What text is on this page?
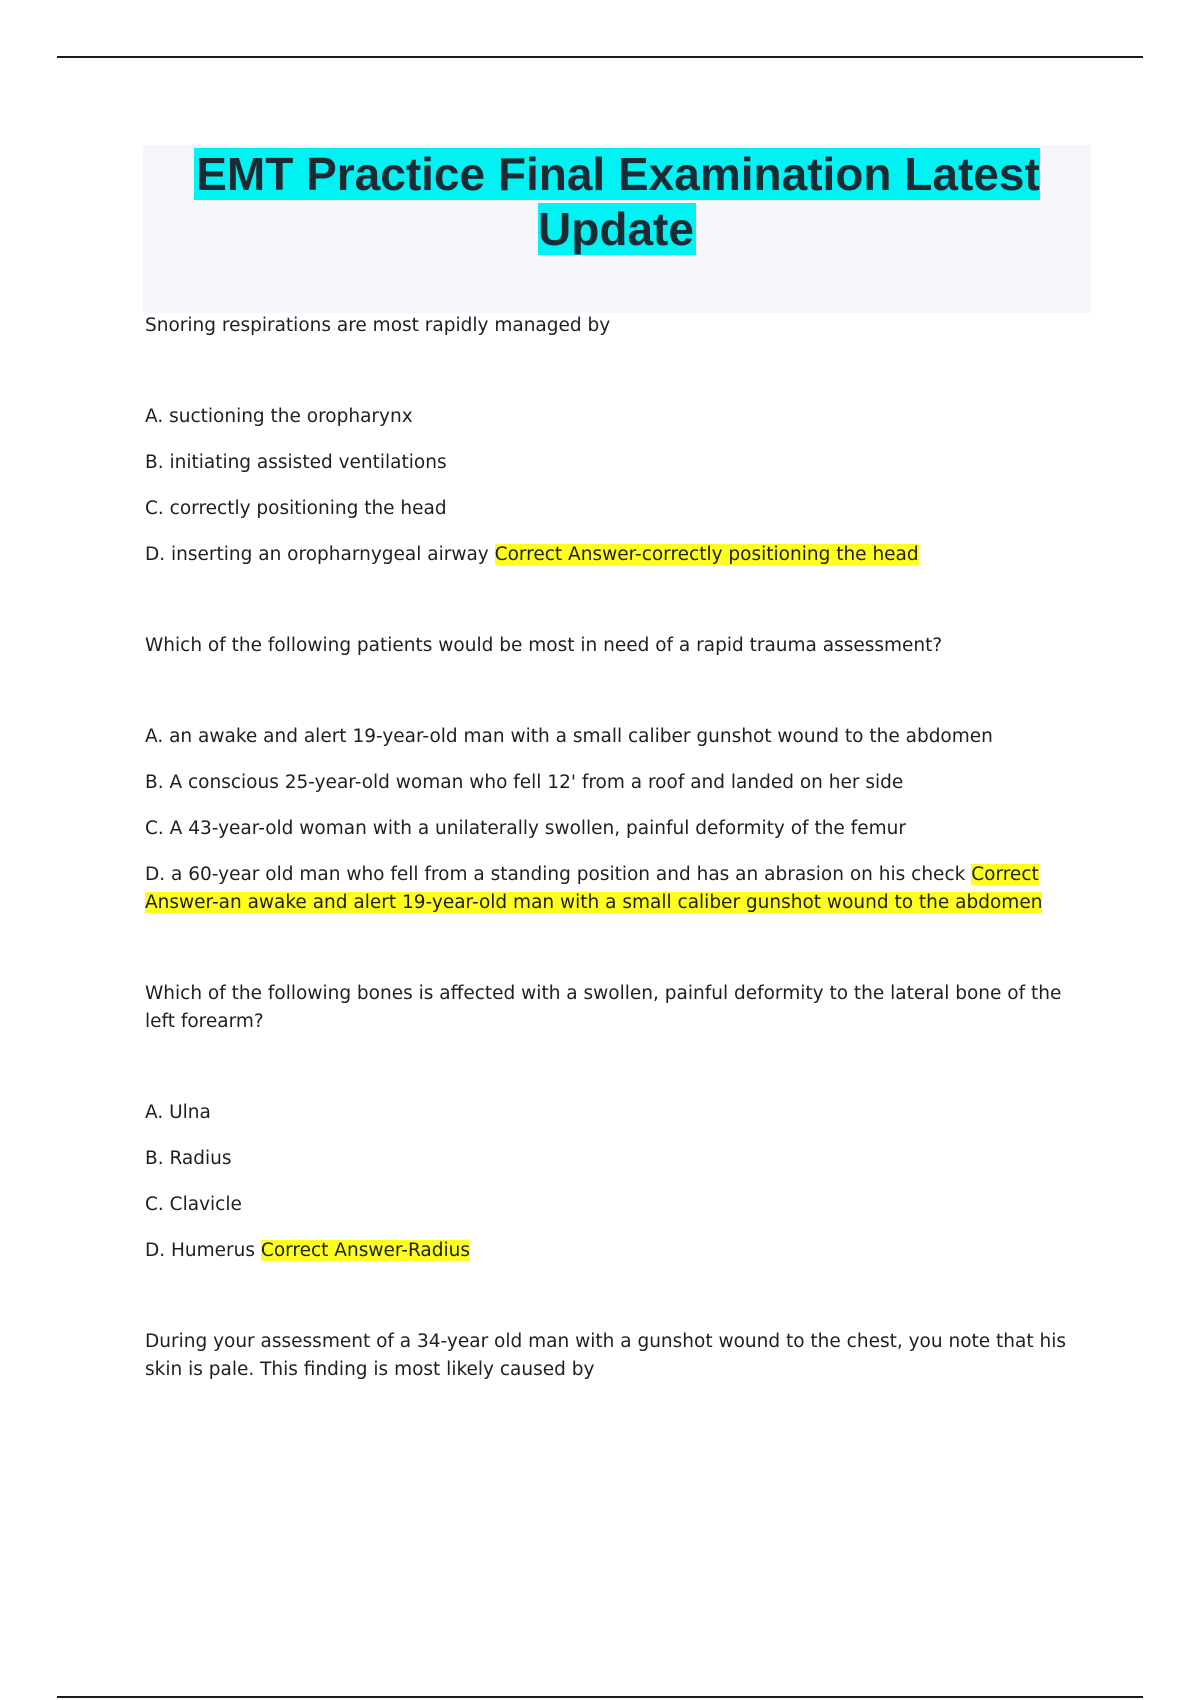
EMT Practice Final Examination Latest Update

Snoring respirations are most rapidly managed by

A. suctioning the oropharynx

B. initiating assisted ventilations

C. correctly positioning the head

D. inserting an oropharnygeal airway Correct Answer-correctly positioning the head

Which of the following patients would be most in need of a rapid trauma assessment?

A. an awake and alert 19-year-old man with a small caliber gunshot wound to the abdomen

B. A conscious 25-year-old woman who fell 12' from a roof and landed on her side

C. A 43-year-old woman with a unilaterally swollen, painful deformity of the femur

D. a 60-year old man who fell from a standing position and has an abrasion on his check Correct Answer-an awake and alert 19-year-old man with a small caliber gunshot wound to the abdomen

Which of the following bones is affected with a swollen, painful deformity to the lateral bone of the left forearm?

A. Ulna

B. Radius

C. Clavicle

D. Humerus Correct Answer-Radius

During your assessment of a 34-year old man with a gunshot wound to the chest, you note that his skin is pale. This finding is most likely caused by
